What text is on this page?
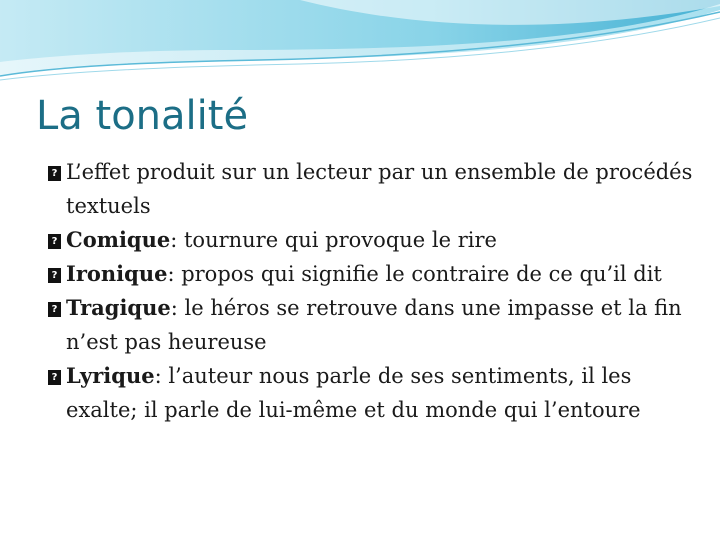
La tonalité
?
L’effet produit sur un lecteur par un ensemble de procédés textuels
?
Comique: tournure qui provoque le rire
?
Ironique: propos qui signifie le contraire de ce qu’il dit
?
Tragique: le héros se retrouve dans une impasse et la fin n’est pas heureuse
?
Lyrique: l’auteur nous parle de ses sentiments, il les exalte; il parle de lui-même et du monde qui l’entoure
